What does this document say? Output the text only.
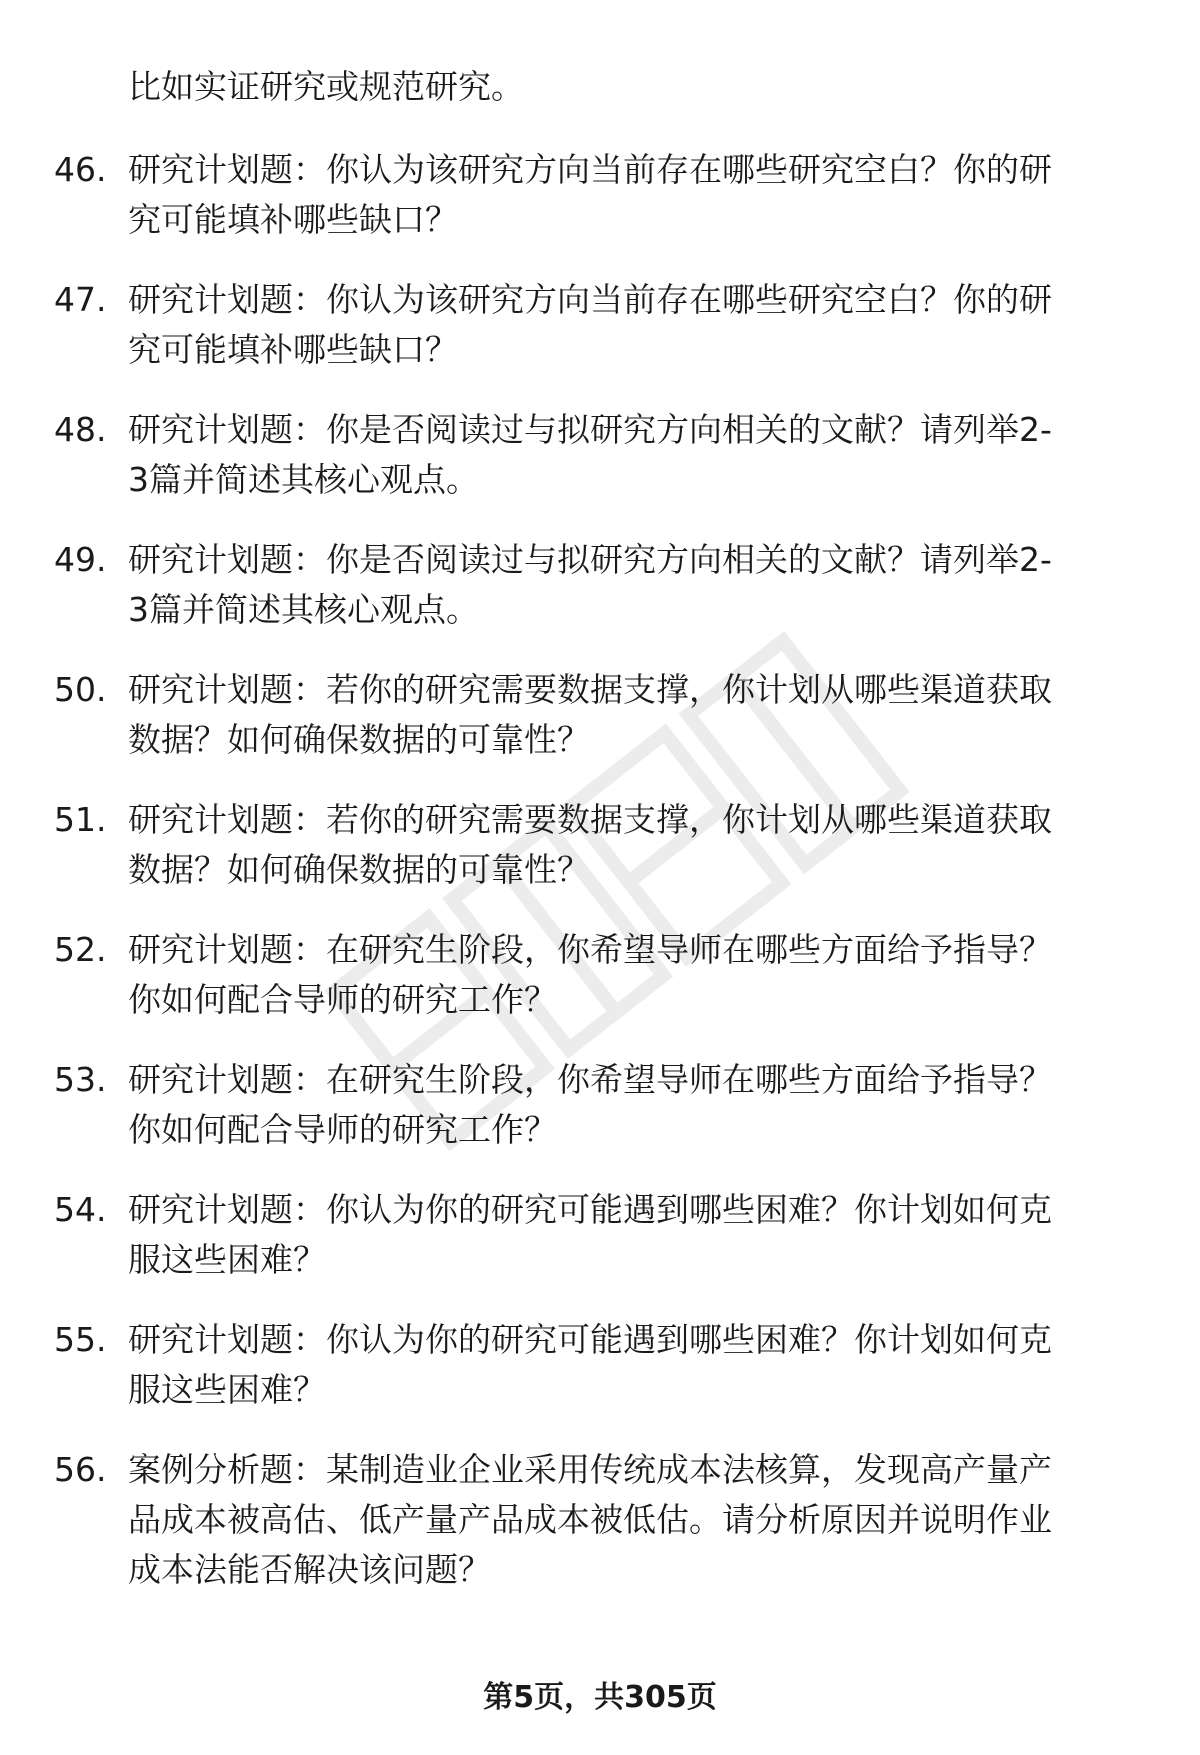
比如实证研究或规范研究。
46. 研究计划题：你认为该研究方向当前存在哪些研究空白？你的研
究可能填补哪些缺口？
47. 研究计划题：你认为该研究方向当前存在哪些研究空白？你的研
究可能填补哪些缺口？
48. 研究计划题：你是否阅读过与拟研究方向相关的文献？请列举2-
3篇并简述其核心观点。
49. 研究计划题：你是否阅读过与拟研究方向相关的文献？请列举2-
3篇并简述其核心观点。
50. 研究计划题：若你的研究需要数据支撑，你计划从哪些渠道获取
数据？如何确保数据的可靠性？
51. 研究计划题：若你的研究需要数据支撑，你计划从哪些渠道获取
数据？如何确保数据的可靠性？
52. 研究计划题：在研究生阶段，你希望导师在哪些方面给予指导？
你如何配合导师的研究工作？
53. 研究计划题：在研究生阶段，你希望导师在哪些方面给予指导？
你如何配合导师的研究工作？
54. 研究计划题：你认为你的研究可能遇到哪些困难？你计划如何克
服这些困难？
55. 研究计划题：你认为你的研究可能遇到哪些困难？你计划如何克
服这些困难？
56. 案例分析题：某制造业企业采用传统成本法核算，发现高产量产
品成本被高估、低产量产品成本被低估。请分析原因并说明作业
成本法能否解决该问题？
第5页，共305页
